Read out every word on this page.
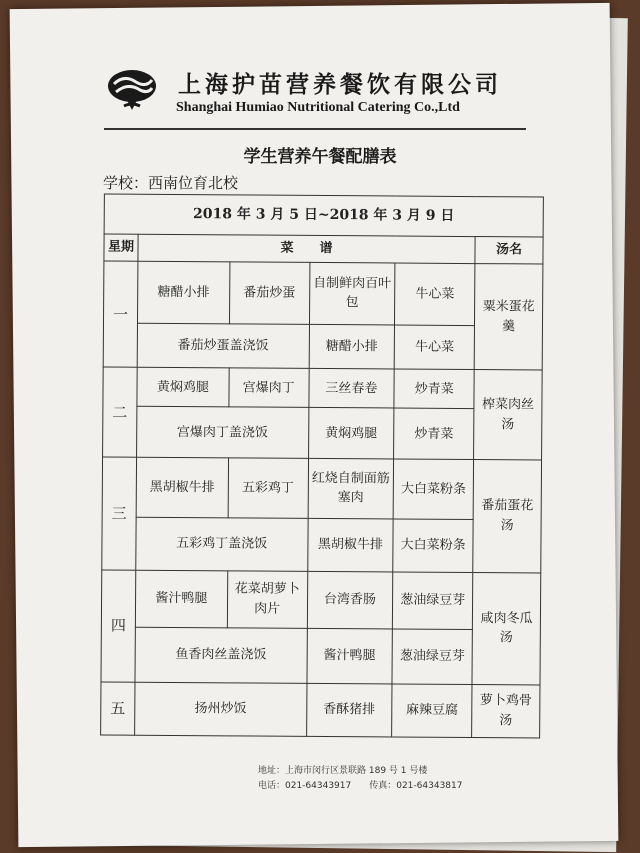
上海护苗营养餐饮有限公司
Shanghai Humiao Nutritional Catering Co.,Ltd
学生营养午餐配膳表
学校：西南位育北校
2018 年 3 月 5 日~2018 年 3 月 9 日					
星期	菜　　谱				汤名
一	糖醋小排	番茄炒蛋	自制鲜肉百叶包	牛心菜	粟米蛋花羹
	番茄炒蛋盖浇饭		糖醋小排	牛心菜	
二	黄焖鸡腿	宫爆肉丁	三丝春卷	炒青菜	榨菜肉丝汤
	宫爆肉丁盖浇饭		黄焖鸡腿	炒青菜	
三	黑胡椒牛排	五彩鸡丁	红烧自制面筋塞肉	大白菜粉条	番茄蛋花汤
	五彩鸡丁盖浇饭		黑胡椒牛排	大白菜粉条	
四	酱汁鸭腿	花菜胡萝卜肉片	台湾香肠	葱油绿豆芽	咸肉冬瓜汤
	鱼香肉丝盖浇饭		酱汁鸭腿	葱油绿豆芽	
五	扬州炒饭		香酥猪排	麻辣豆腐	萝卜鸡骨汤
地址：上海市闵行区景联路 189 号 1 号楼
电话：021-64343917　　传真：021-64343817
